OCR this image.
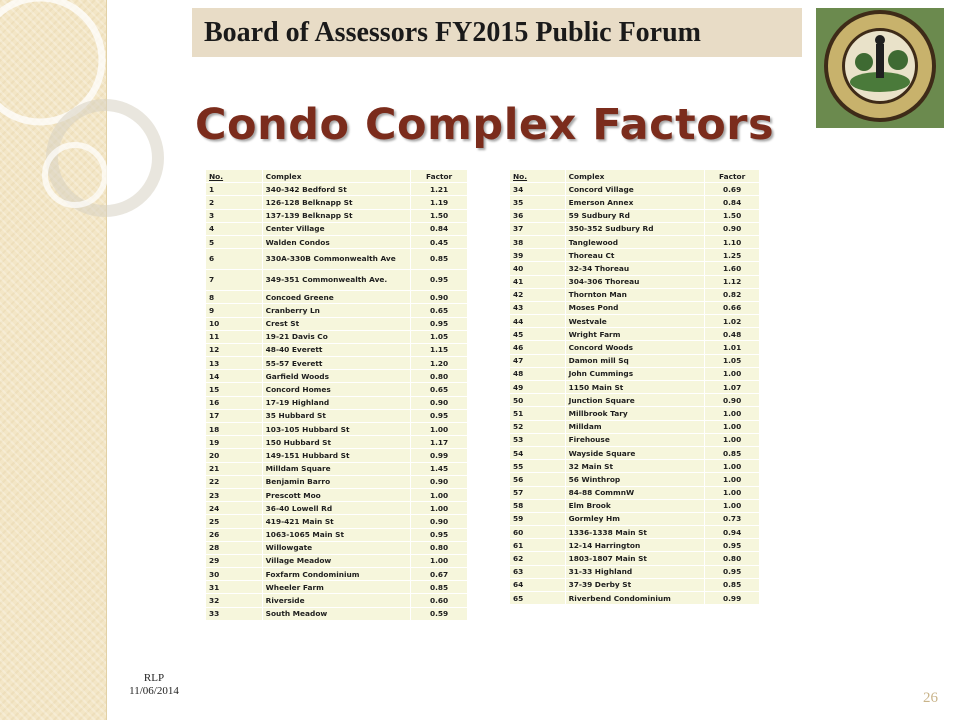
Board of Assessors FY2015 Public Forum
Condo Complex Factors
No.	Complex	Factor
1	340-342 Bedford St	1.21
2	126-128 Belknapp St	1.19
3	137-139 Belknapp St	1.50
4	Center Village	0.84
5	Walden Condos	0.45
6	330A-330B Commonwealth Ave	0.85
7	349-351 Commonwealth Ave.	0.95
8	Concoed Greene	0.90
9	Cranberry Ln	0.65
10	Crest St	0.95
11	19-21 Davis Co	1.05
12	48-40 Everett	1.15
13	55-57 Everett	1.20
14	Garfield Woods	0.80
15	Concord Homes	0.65
16	17-19 Highland	0.90
17	35 Hubbard St	0.95
18	103-105 Hubbard St	1.00
19	150 Hubbard St	1.17
20	149-151 Hubbard St	0.99
21	Milldam Square	1.45
22	Benjamin Barro	0.90
23	Prescott Moo	1.00
24	36-40 Lowell Rd	1.00
25	419-421 Main St	0.90
26	1063-1065 Main St	0.95
28	Willowgate	0.80
29	Village Meadow	1.00
30	Foxfarm Condominium	0.67
31	Wheeler Farm	0.85
32	Riverside	0.60
33	South Meadow	0.59
No.	Complex	Factor
34	Concord Village	0.69
35	Emerson Annex	0.84
36	59 Sudbury Rd	1.50
37	350-352 Sudbury Rd	0.90
38	Tanglewood	1.10
39	Thoreau Ct	1.25
40	32-34 Thoreau	1.60
41	304-306 Thoreau	1.12
42	Thornton Man	0.82
43	Moses Pond	0.66
44	Westvale	1.02
45	Wright Farm	0.48
46	Concord Woods	1.01
47	Damon mill Sq	1.05
48	John Cummings	1.00
49	1150 Main St	1.07
50	Junction Square	0.90
51	Millbrook Tary	1.00
52	Milldam	1.00
53	Firehouse	1.00
54	Wayside Square	0.85
55	32 Main St	1.00
56	56 Winthrop	1.00
57	84-88 CommnW	1.00
58	Elm Brook	1.00
59	Gormley Hm	0.73
60	1336-1338 Main St	0.94
61	12-14 Harrington	0.95
62	1803-1807 Main St	0.80
63	31-33 Highland	0.95
64	37-39 Derby St	0.85
65	Riverbend Condominium	0.99
RLP
11/06/2014	26
